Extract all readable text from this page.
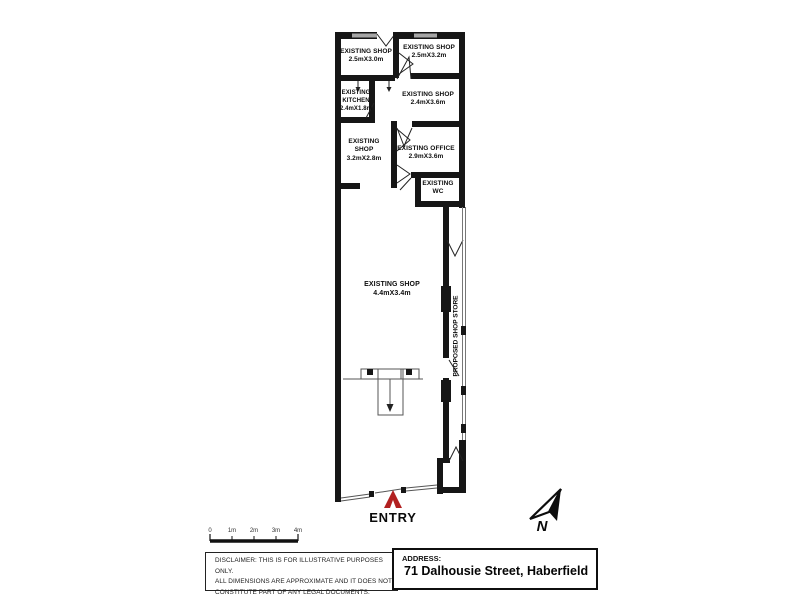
EXISTING SHOP
2.5mX3.0m
EXISTING SHOP
2.5mX3.2m
EXISTING
KITCHEN
2.4mX1.8m
EXISTING SHOP
2.4mX3.6m
EXISTING
SHOP
3.2mX2.8m
EXISTING OFFICE
2.9mX3.6m
EXISTING
WC
EXISTING SHOP
4.4mX3.4m
PROPOSED SHOP STORE
ENTRY
N
0	1m	2m	3m	4m
DISCLAIMER: THIS IS FOR ILLUSTRATIVE PURPOSES ONLY.
ALL DIMENSIONS ARE APPROXIMATE AND IT DOES NOT
CONSTITUTE PART OF ANY LEGAL DOCUMENTS.
ADDRESS:
71 Dalhousie Street, Haberfield
